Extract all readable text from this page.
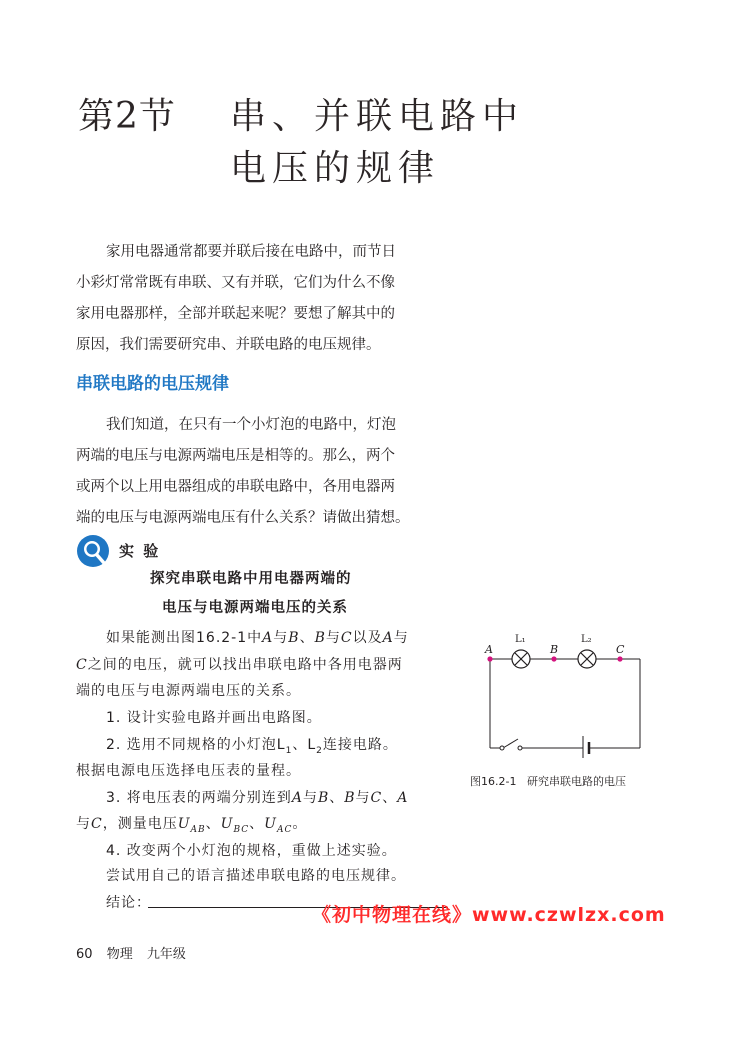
第2节 串、并联电路中
电压的规律
家用电器通常都要并联后接在电路中，而节日
小彩灯常常既有串联、又有并联，它们为什么不像
家用电器那样，全部并联起来呢？要想了解其中的
原因，我们需要研究串、并联电路的电压规律。
串联电路的电压规律
我们知道，在只有一个小灯泡的电路中，灯泡
两端的电压与电源两端电压是相等的。那么，两个
或两个以上用电器组成的串联电路中，各用电器两
端的电压与电源两端电压有什么关系？请做出猜想。
实 验
探究串联电路中用电器两端的
电压与电源两端电压的关系
如果能测出图16.2-1中A与B、B与C以及A与
C之间的电压，就可以找出串联电路中各用电器两
端的电压与电源两端电压的关系。
1. 设计实验电路并画出电路图。
2. 选用不同规格的小灯泡$L_1$、$L_2$连接电路。
根据电源电压选择电压表的量程。
3. 将电压表的两端分别连到A与B、B与C、A
与C，测量电压$U_{AB}$、$U_{BC}$、$U_{AC}$。
4. 改变两个小灯泡的规格，重做上述实验。
尝试用自己的语言描述串联电路的电压规律。
结论：
A	B	C
L₁	L₂
图16.2-1 研究串联电路的电压
《初中物理在线》www.czwlzx.com
60 物理 九年级
